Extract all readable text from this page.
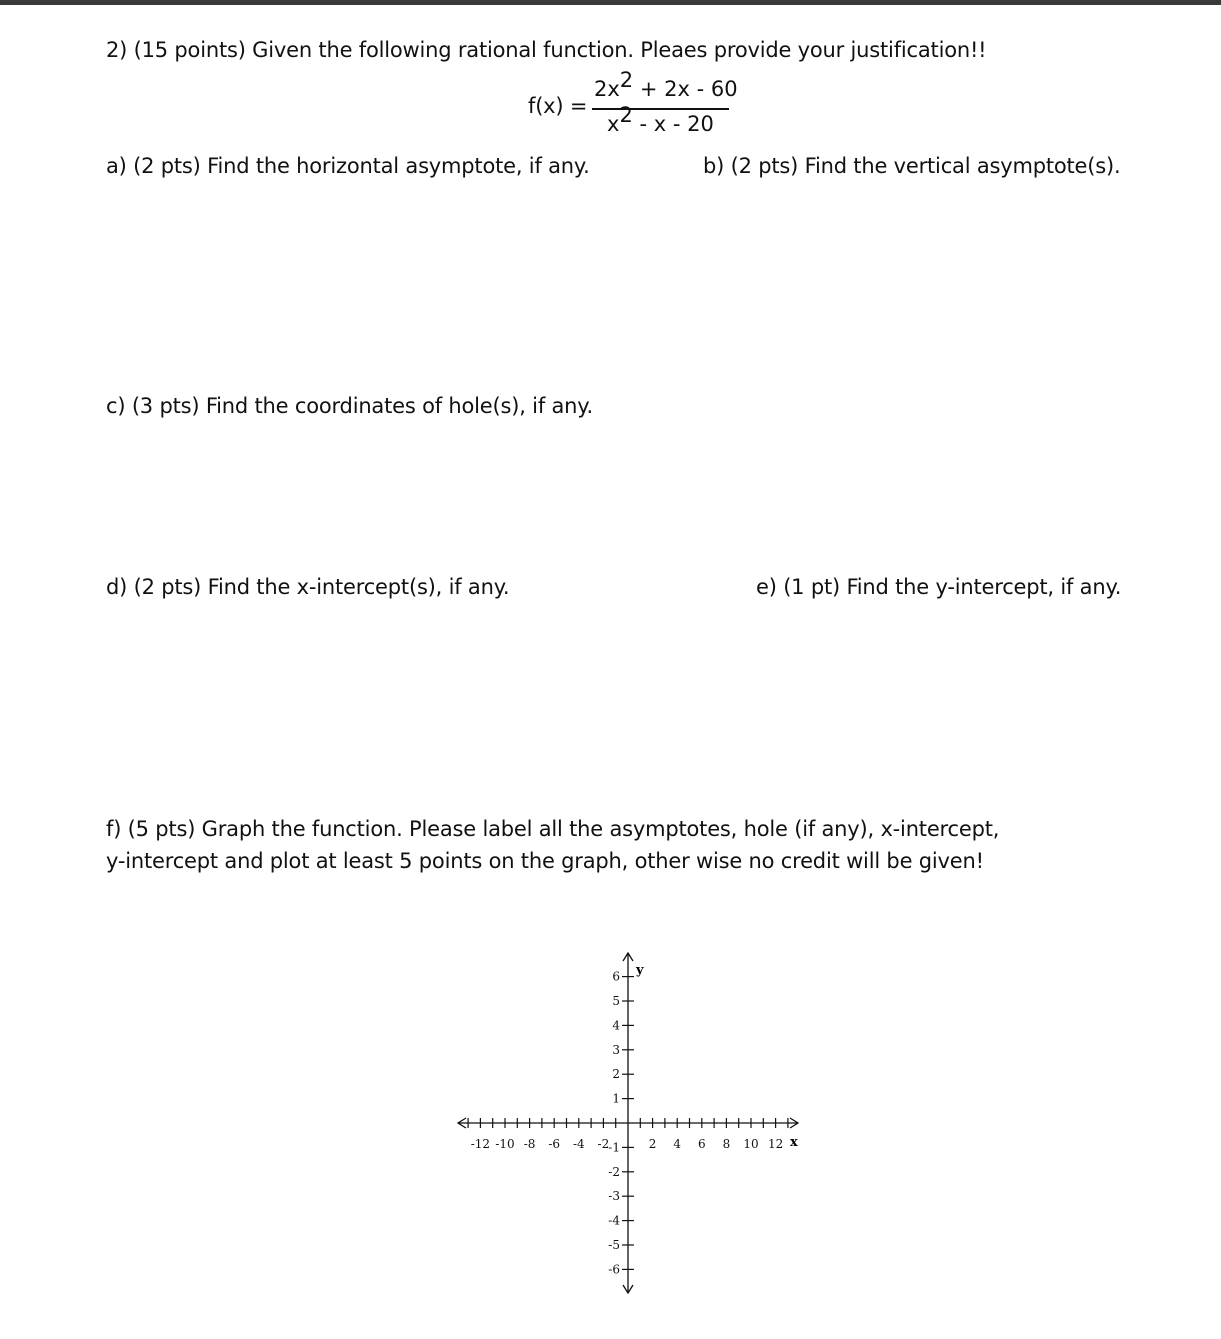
2) (15 points) Given the following rational function. Pleaes provide your justification!!
f(x) =
2x2 + 2x - 60
x2 - x - 20
a) (2 pts) Find the horizontal asymptote, if any.	b) (2 pts) Find the vertical asymptote(s).
c) (3 pts) Find the coordinates of hole(s), if any.
d) (2 pts) Find the x-intercept(s), if any.	e) (1 pt) Find the y-intercept, if any.
f) (5 pts) Graph the function. Please label all the asymptotes, hole (if any), x-intercept,
y-intercept and plot at least 5 points on the graph, other wise no credit will be given!
-12 -10 -8 -6 -4 -2	2 4 6 8 10 12
6
5
4
3
2
1
-1
-2
-3
-4
-5
-6
x
y
